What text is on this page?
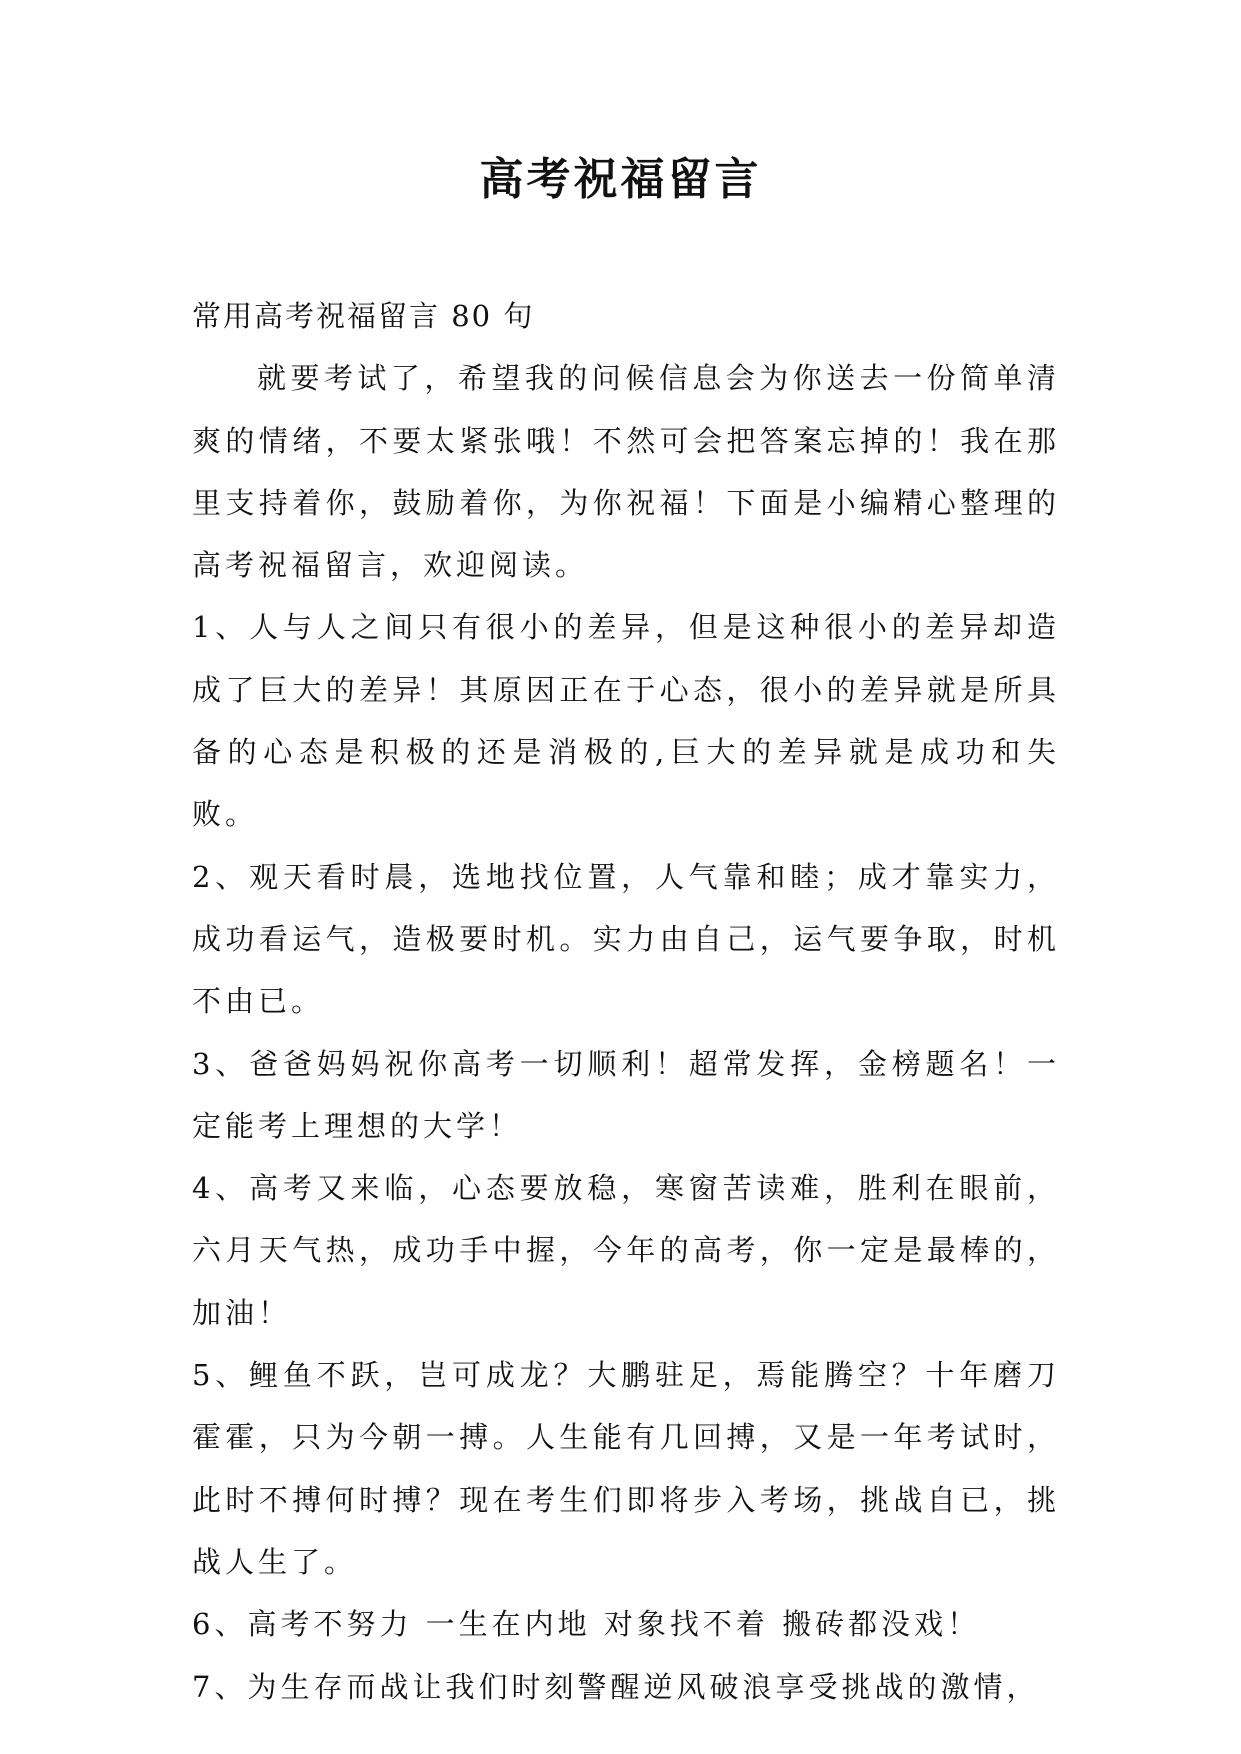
高考祝福留言

常用高考祝福留言 80 句

就要考试了，希望我的问候信息会为你送去一份简单清爽的情绪，不要太紧张哦！不然可会把答案忘掉的！我在那里支持着你，鼓励着你，为你祝福！下面是小编精心整理的高考祝福留言，欢迎阅读。

1、人与人之间只有很小的差异，但是这种很小的差异却造成了巨大的差异！其原因正在于心态，很小的差异就是所具备的心态是积极的还是消极的,巨大的差异就是成功和失败。

2、观天看时晨，选地找位置，人气靠和睦；成才靠实力，成功看运气，造极要时机。实力由自己，运气要争取，时机不由已。

3、爸爸妈妈祝你高考一切顺利！超常发挥，金榜题名！一定能考上理想的大学！

4、高考又来临，心态要放稳，寒窗苦读难，胜利在眼前，六月天气热，成功手中握，今年的高考，你一定是最棒的，加油！

5、鲤鱼不跃，岂可成龙？大鹏驻足，焉能腾空？十年磨刀霍霍，只为今朝一搏。人生能有几回搏，又是一年考试时，此时不搏何时搏？现在考生们即将步入考场，挑战自已，挑战人生了。

6、高考不努力 一生在内地 对象找不着 搬砖都没戏！

7、为生存而战让我们时刻警醒逆风破浪享受挑战的激情，
